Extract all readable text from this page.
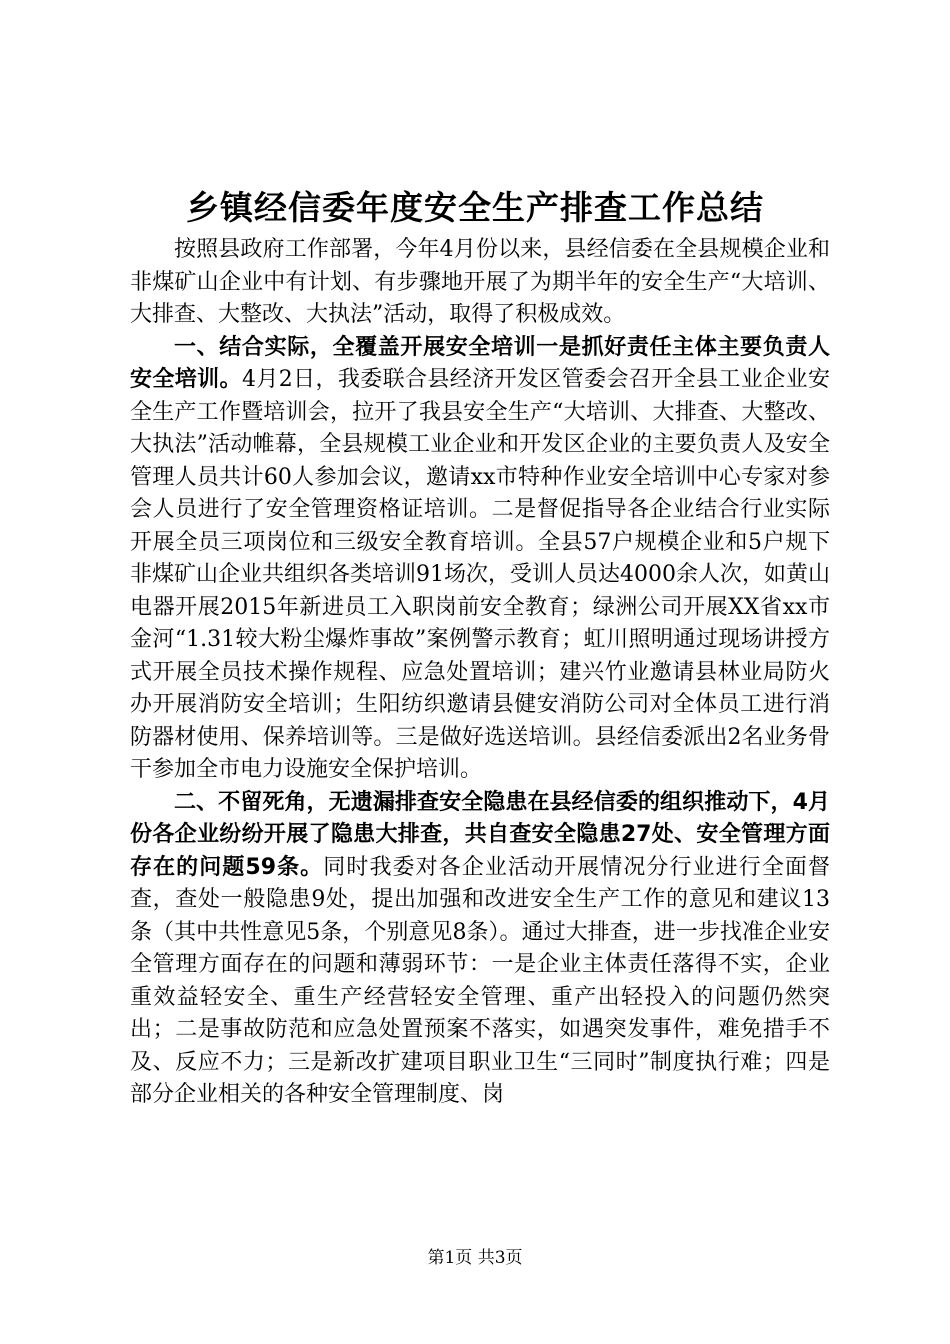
乡镇经信委年度安全生产排查工作总结

按照县政府工作部署，今年4月份以来，县经信委在全县规模企业和非煤矿山企业中有计划、有步骤地开展了为期半年的安全生产“大培训、大排查、大整改、大执法”活动，取得了积极成效。

一、结合实际，全覆盖开展安全培训一是抓好责任主体主要负责人安全培训。4月2日，我委联合县经济开发区管委会召开全县工业企业安全生产工作暨培训会，拉开了我县安全生产“大培训、大排查、大整改、大执法”活动帷幕，全县规模工业企业和开发区企业的主要负责人及安全管理人员共计60人参加会议，邀请xx市特种作业安全培训中心专家对参会人员进行了安全管理资格证培训。二是督促指导各企业结合行业实际开展全员三项岗位和三级安全教育培训。全县57户规模企业和5户规下非煤矿山企业共组织各类培训91场次，受训人员达4000余人次，如黄山电器开展2015年新进员工入职岗前安全教育；绿洲公司开展XX省xx市金河“1.31较大粉尘爆炸事故”案例警示教育；虹川照明通过现场讲授方式开展全员技术操作规程、应急处置培训；建兴竹业邀请县林业局防火办开展消防安全培训；生阳纺织邀请县健安消防公司对全体员工进行消防器材使用、保养培训等。三是做好选送培训。县经信委派出2名业务骨干参加全市电力设施安全保护培训。

二、不留死角，无遗漏排查安全隐患在县经信委的组织推动下，4月份各企业纷纷开展了隐患大排查，共自查安全隐患27处、安全管理方面存在的问题59条。同时我委对各企业活动开展情况分行业进行全面督查，查处一般隐患9处，提出加强和改进安全生产工作的意见和建议13条（其中共性意见5条，个别意见8条）。通过大排查，进一步找准企业安全管理方面存在的问题和薄弱环节：一是企业主体责任落得不实，企业重效益轻安全、重生产经营轻安全管理、重产出轻投入的问题仍然突出；二是事故防范和应急处置预案不落实，如遇突发事件，难免措手不及、反应不力；三是新改扩建项目职业卫生“三同时”制度执行难；四是部分企业相关的各种安全管理制度、岗

第1页 共3页
